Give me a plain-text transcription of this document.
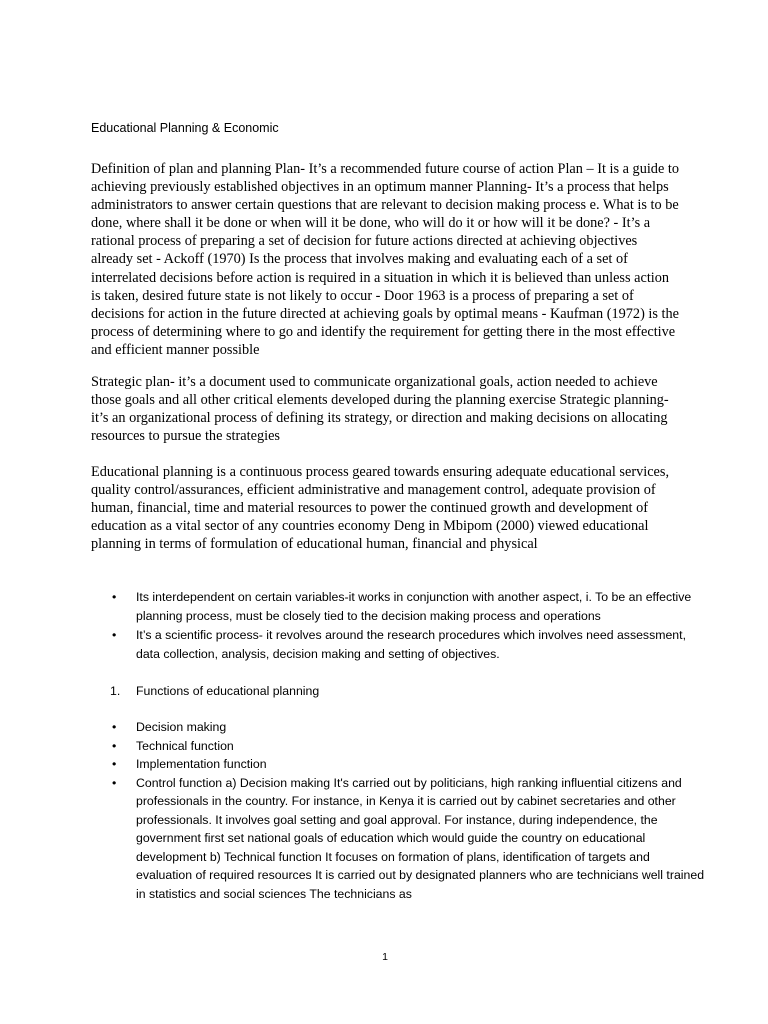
Educational Planning & Economic

Definition of plan and planning Plan- It’s a recommended future course of action Plan – It is a guide to achieving previously established objectives in an optimum manner Planning- It’s a process that helps administrators to answer certain questions that are relevant to decision making process e. What is to be done, where shall it be done or when will it be done, who will do it or how will it be done? - It’s a rational process of preparing a set of decision for future actions directed at achieving objectives already set - Ackoff (1970) Is the process that involves making and evaluating each of a set of interrelated decisions before action is required in a situation in which it is believed than unless action is taken, desired future state is not likely to occur - Door 1963 is a process of preparing a set of decisions for action in the future directed at achieving goals by optimal means - Kaufman (1972) is the process of determining where to go and identify the requirement for getting there in the most effective and efficient manner possible

Strategic plan- it’s a document used to communicate organizational goals, action needed to achieve those goals and all other critical elements developed during the planning exercise Strategic planning- it’s an organizational process of defining its strategy, or direction and making decisions on allocating resources to pursue the strategies

Educational planning is a continuous process geared towards ensuring adequate educational services, quality control/assurances, efficient administrative and management control, adequate provision of human, financial, time and material resources to power the continued growth and development of education as a vital sector of any countries economy Deng in Mbipom (2000) viewed educational planning in terms of formulation of educational human, financial and physical

• Its interdependent on certain variables-it works in conjunction with another aspect, i. To be an effective planning process, must be closely tied to the decision making process and operations
• It’s a scientific process- it revolves around the research procedures which involves need assessment, data collection, analysis, decision making and setting of objectives.
1. Functions of educational planning
• Decision making
• Technical function
• Implementation function
• Control function a) Decision making It's carried out by politicians, high ranking influential citizens and professionals in the country. For instance, in Kenya it is carried out by cabinet secretaries and other professionals. It involves goal setting and goal approval. For instance, during independence, the government first set national goals of education which would guide the country on educational development b) Technical function It focuses on formation of plans, identification of targets and evaluation of required resources It is carried out by designated planners who are technicians well trained in statistics and social sciences The technicians as
1
